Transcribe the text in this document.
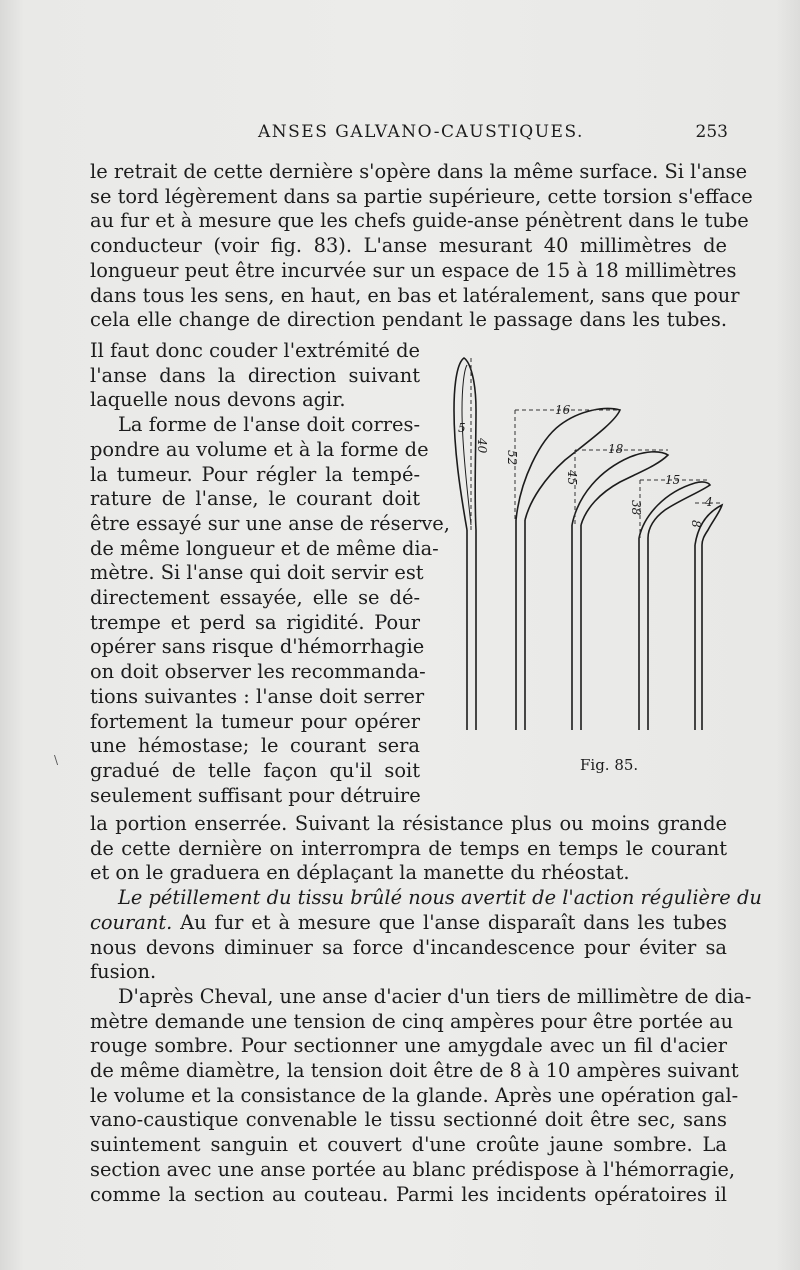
ANSES GALVANO-CAUSTIQUES.	253
le retrait de cette dernière s'opère dans la même surface. Si l'anse
se tord légèrement dans sa partie supérieure, cette torsion s'efface
au fur et à mesure que les chefs guide-anse pénètrent dans le tube
conducteur (voir fig. 83). L'anse mesurant 40 millimètres de
longueur peut être incurvée sur un espace de 15 à 18 millimètres
dans tous les sens, en haut, en bas et latéralement, sans que pour
cela elle change de direction pendant le passage dans les tubes.
Il faut donc couder l'extrémité de
l'anse dans la direction suivant
laquelle nous devons agir.
La forme de l'anse doit corres-
pondre au volume et à la forme de
la tumeur. Pour régler la tempé-
rature de l'anse, le courant doit
être essayé sur une anse de réserve,
de même longueur et de même dia-
mètre. Si l'anse qui doit servir est
directement essayée, elle se dé-
trempe et perd sa rigidité. Pour
opérer sans risque d'hémorrhagie
on doit observer les recommanda-
tions suivantes : l'anse doit serrer
fortement la tumeur pour opérer
une hémostase; le courant sera
gradué de telle façon qu'il soit
seulement suffisant pour détruire
la portion enserrée. Suivant la résistance plus ou moins grande
de cette dernière on interrompra de temps en temps le courant
et on le graduera en déplaçant la manette du rhéostat.
Le pétillement du tissu brûlé nous avertit de l'action régulière du
courant. Au fur et à mesure que l'anse disparaît dans les tubes
nous devons diminuer sa force d'incandescence pour éviter sa
fusion.
D'après Cheval, une anse d'acier d'un tiers de millimètre de dia-
mètre demande une tension de cinq ampères pour être portée au
rouge sombre. Pour sectionner une amygdale avec un fil d'acier
de même diamètre, la tension doit être de 8 à 10 ampères suivant
le volume et la consistance de la glande. Après une opération gal-
vano-caustique convenable le tissu sectionné doit être sec, sans
suintement sanguin et couvert d'une croûte jaune sombre. La
section avec une anse portée au blanc prédispose à l'hémorragie,
comme la section au couteau. Parmi les incidents opératoires il
5
40
16
52
18
45	15
38	4
8
Fig. 85.
\
